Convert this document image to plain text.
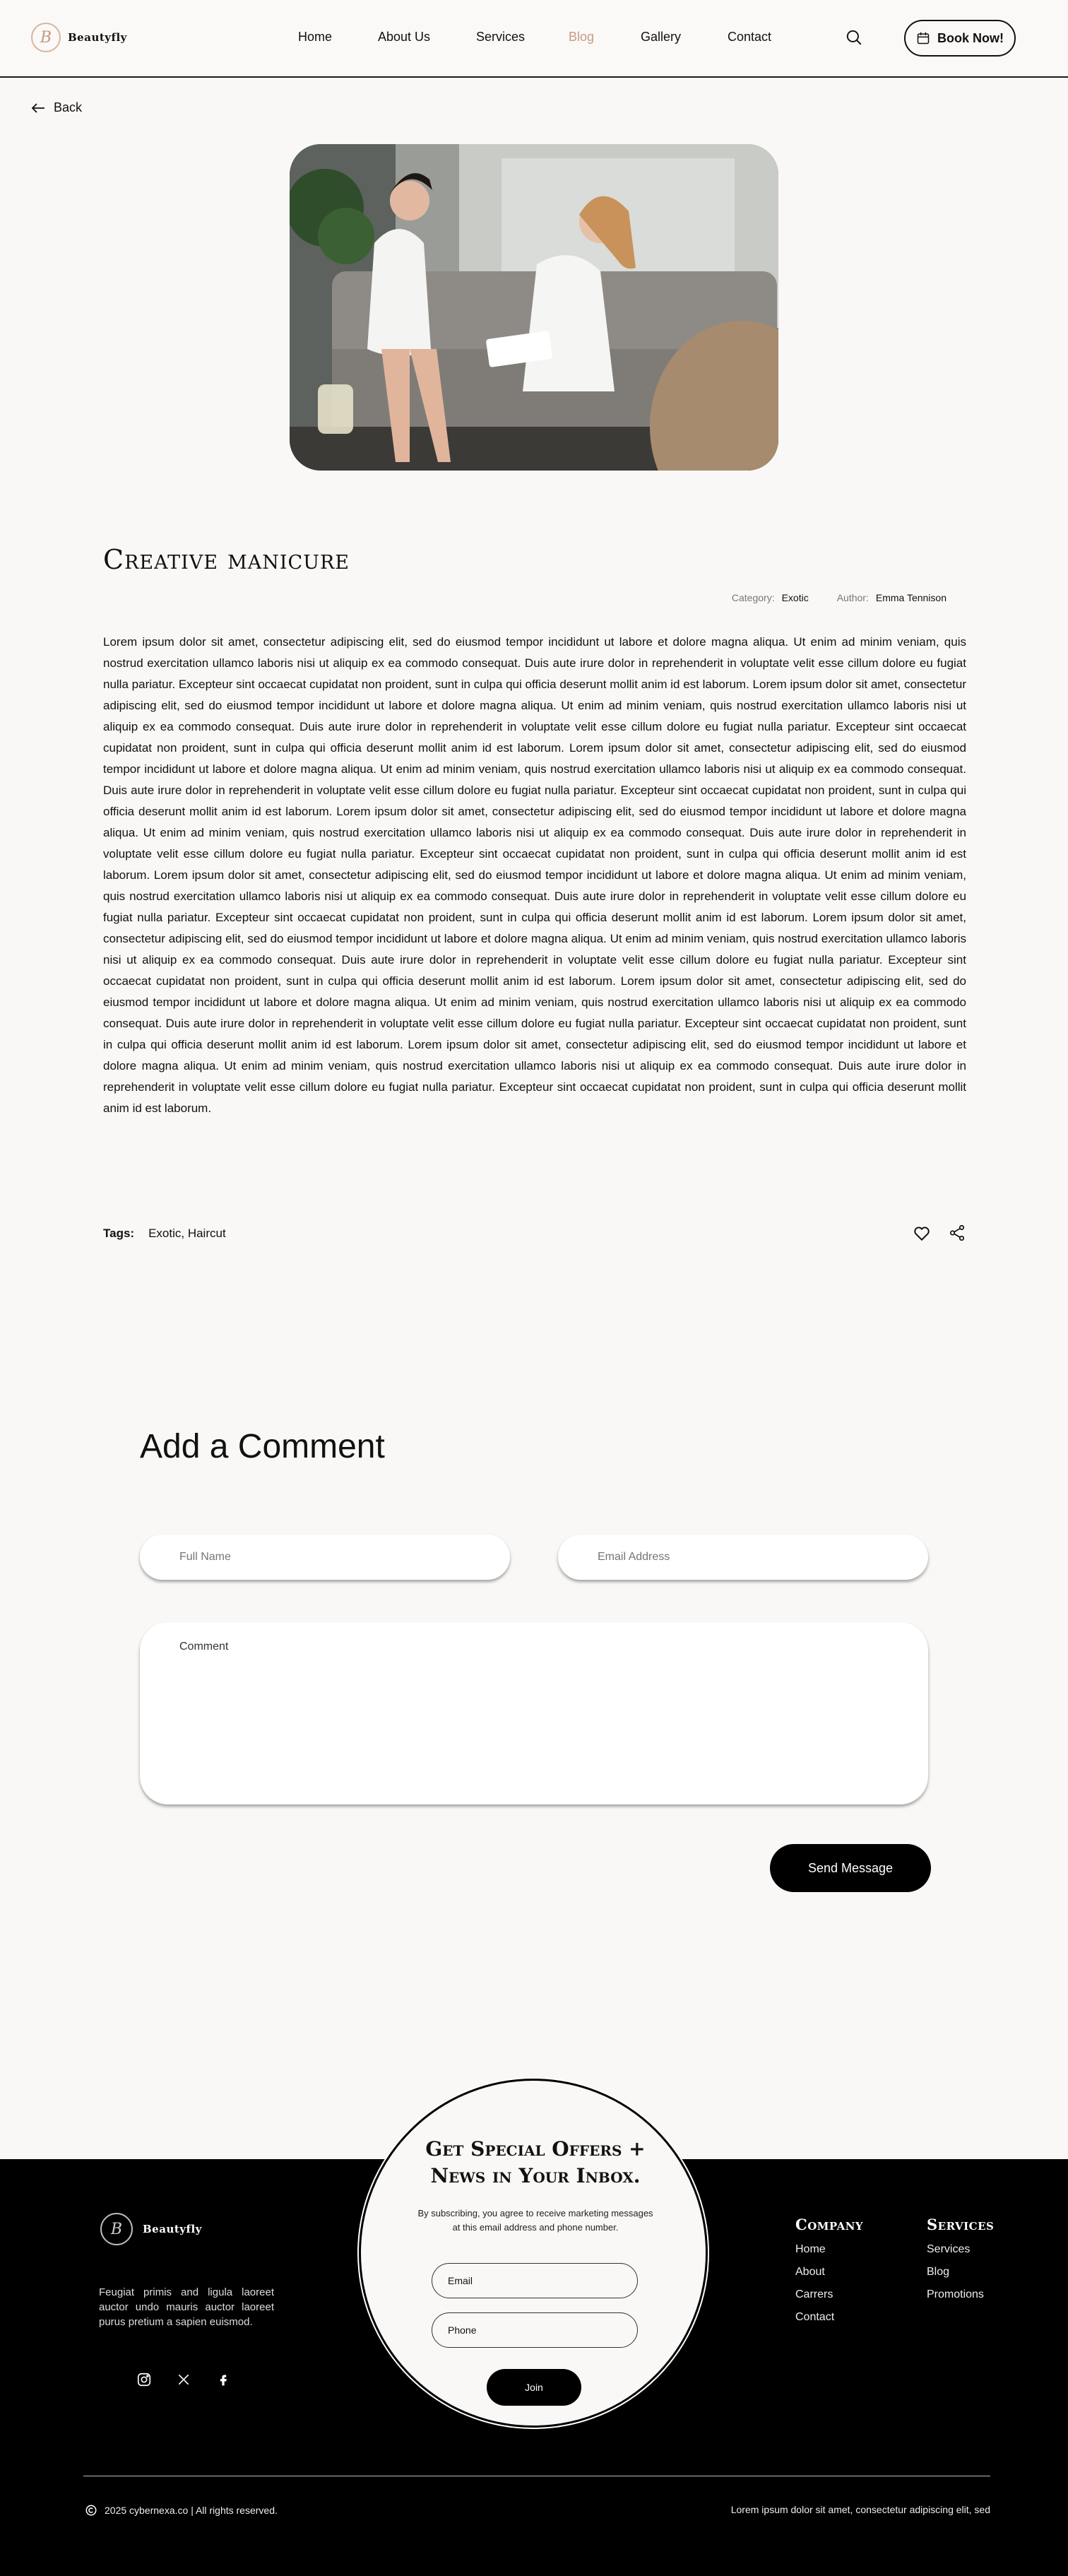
B	Beautyfly	Home	About Us	Services	Blog	Gallery	Contact	Book Now!
Back
Creative manicure
Category: Exotic	Author: Emma Tennison

Lorem ipsum dolor sit amet, consectetur adipiscing elit, sed do eiusmod tempor incididunt ut labore et dolore magna aliqua. Ut enim ad minim veniam, quis nostrud exercitation ullamco laboris nisi ut aliquip ex ea commodo consequat. Duis aute irure dolor in reprehenderit in voluptate velit esse cillum dolore eu fugiat nulla pariatur. Excepteur sint occaecat cupidatat non proident, sunt in culpa qui officia deserunt mollit anim id est laborum. Lorem ipsum dolor sit amet, consectetur adipiscing elit, sed do eiusmod tempor incididunt ut labore et dolore magna aliqua. Ut enim ad minim veniam, quis nostrud exercitation ullamco laboris nisi ut aliquip ex ea commodo consequat. Duis aute irure dolor in reprehenderit in voluptate velit esse cillum dolore eu fugiat nulla pariatur. Excepteur sint occaecat cupidatat non proident, sunt in culpa qui officia deserunt mollit anim id est laborum. Lorem ipsum dolor sit amet, consectetur adipiscing elit, sed do eiusmod tempor incididunt ut labore et dolore magna aliqua. Ut enim ad minim veniam, quis nostrud exercitation ullamco laboris nisi ut aliquip ex ea commodo consequat. Duis aute irure dolor in reprehenderit in voluptate velit esse cillum dolore eu fugiat nulla pariatur. Excepteur sint occaecat cupidatat non proident, sunt in culpa qui officia deserunt mollit anim id est laborum. Lorem ipsum dolor sit amet, consectetur adipiscing elit, sed do eiusmod tempor incididunt ut labore et dolore magna aliqua. Ut enim ad minim veniam, quis nostrud exercitation ullamco laboris nisi ut aliquip ex ea commodo consequat. Duis aute irure dolor in reprehenderit in voluptate velit esse cillum dolore eu fugiat nulla pariatur. Excepteur sint occaecat cupidatat non proident, sunt in culpa qui officia deserunt mollit anim id est laborum. Lorem ipsum dolor sit amet, consectetur adipiscing elit, sed do eiusmod tempor incididunt ut labore et dolore magna aliqua. Ut enim ad minim veniam, quis nostrud exercitation ullamco laboris nisi ut aliquip ex ea commodo consequat. Duis aute irure dolor in reprehenderit in voluptate velit esse cillum dolore eu fugiat nulla pariatur. Excepteur sint occaecat cupidatat non proident, sunt in culpa qui officia deserunt mollit anim id est laborum. Lorem ipsum dolor sit amet, consectetur adipiscing elit, sed do eiusmod tempor incididunt ut labore et dolore magna aliqua. Ut enim ad minim veniam, quis nostrud exercitation ullamco laboris nisi ut aliquip ex ea commodo consequat. Duis aute irure dolor in reprehenderit in voluptate velit esse cillum dolore eu fugiat nulla pariatur. Excepteur sint occaecat cupidatat non proident, sunt in culpa qui officia deserunt mollit anim id est laborum. Lorem ipsum dolor sit amet, consectetur adipiscing elit, sed do eiusmod tempor incididunt ut labore et dolore magna aliqua. Ut enim ad minim veniam, quis nostrud exercitation ullamco laboris nisi ut aliquip ex ea commodo consequat. Duis aute irure dolor in reprehenderit in voluptate velit esse cillum dolore eu fugiat nulla pariatur. Excepteur sint occaecat cupidatat non proident, sunt in culpa qui officia deserunt mollit anim id est laborum. Lorem ipsum dolor sit amet, consectetur adipiscing elit, sed do eiusmod tempor incididunt ut labore et dolore magna aliqua. Ut enim ad minim veniam, quis nostrud exercitation ullamco laboris nisi ut aliquip ex ea commodo consequat. Duis aute irure dolor in reprehenderit in voluptate velit esse cillum dolore eu fugiat nulla pariatur. Excepteur sint occaecat cupidatat non proident, sunt in culpa qui officia deserunt mollit anim id est laborum.

Tags: Exotic, Haircut
Add a Comment
Full Name
Email Address
Comment
Send Message
B	Beautyfly

Feugiat primis and ligula laoreet auctor undo mauris auctor laoreet purus pretium a sapien euismod.

Company
Home
About
Carrers
Contact
Services
Services
Blog
Promotions
2025 cybernexa.co | All rights reserved.	Lorem ipsum dolor sit amet, consectetur adipiscing elit, sed
Get Special Offers +
News in Your Inbox.

By subscribing, you agree to receive marketing messages at this email address and phone number.

Email
Phone
Join
